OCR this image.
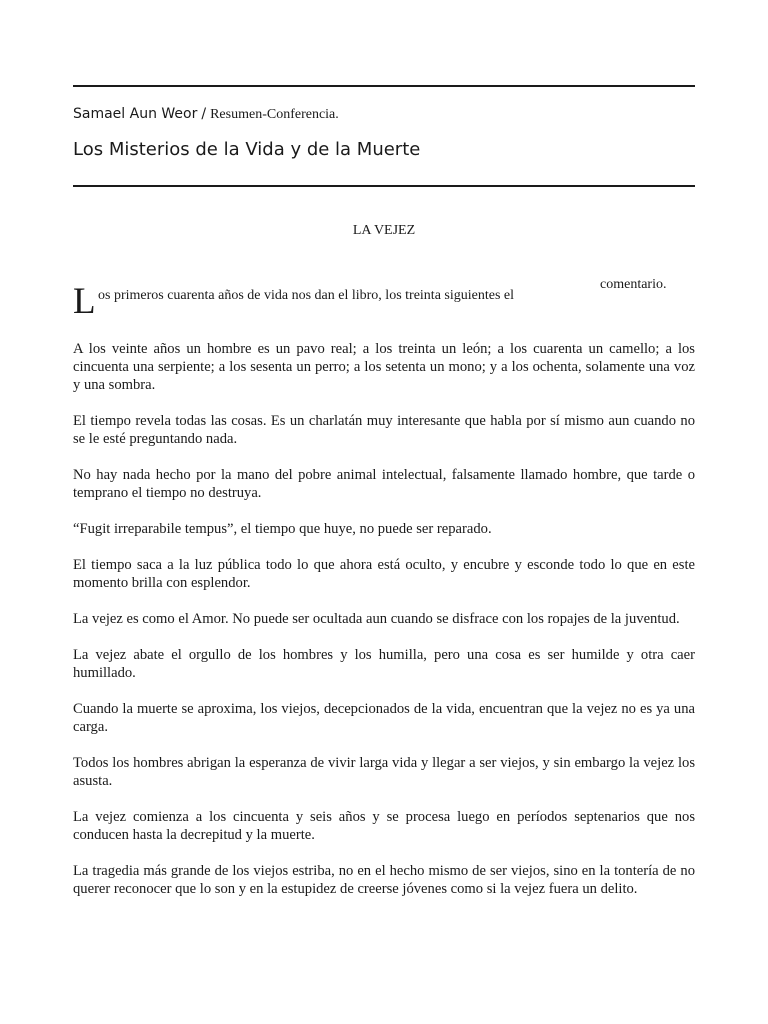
Samael Aun Weor / Resumen-Conferencia.
Los Misterios de la Vida y de la Muerte
LA VEJEZ
L os primeros cuarenta años de vida nos dan el libro, los treinta siguientes el
comentario.

A los veinte años un hombre es un pavo real; a los treinta un león; a los cuarenta un camello; a los cincuenta una serpiente; a los sesenta un perro; a los setenta un mono; y a los ochenta, solamente una voz y una sombra.

El tiempo revela todas las cosas. Es un charlatán muy interesante que habla por sí mismo aun cuando no se le esté preguntando nada.

No hay nada hecho por la mano del pobre animal intelectual, falsamente llamado hombre, que tarde o temprano el tiempo no destruya.

“Fugit irreparabile tempus”, el tiempo que huye, no puede ser reparado.

El tiempo saca a la luz pública todo lo que ahora está oculto, y encubre y esconde todo lo que en este momento brilla con esplendor.

La vejez es como el Amor. No puede ser ocultada aun cuando se disfrace con los ropajes de la juventud.

La vejez abate el orgullo de los hombres y los humilla, pero una cosa es ser humilde y otra caer humillado.

Cuando la muerte se aproxima, los viejos, decepcionados de la vida, encuentran que la vejez no es ya una carga.

Todos los hombres abrigan la esperanza de vivir larga vida y llegar a ser viejos, y sin embargo la vejez los asusta.

La vejez comienza a los cincuenta y seis años y se procesa luego en períodos septenarios que nos conducen hasta la decrepitud y la muerte.

La tragedia más grande de los viejos estriba, no en el hecho mismo de ser viejos, sino en la tontería de no querer reconocer que lo son y en la estupidez de creerse jóvenes como si la vejez fuera un delito.
